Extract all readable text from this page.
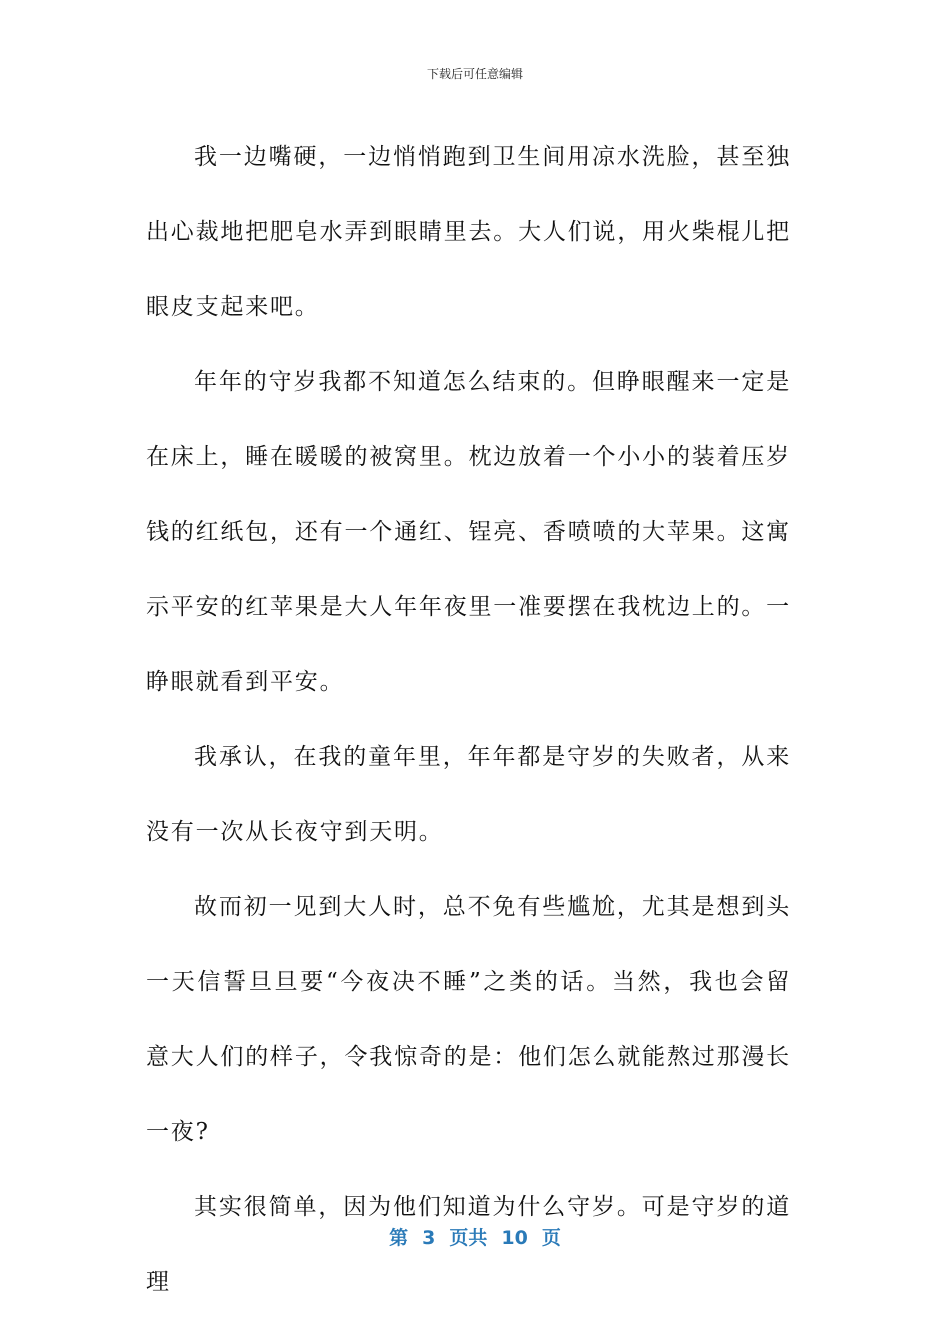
下载后可任意编辑

我一边嘴硬，一边悄悄跑到卫生间用凉水洗脸，甚至独出心裁地把肥皂水弄到眼睛里去。大人们说，用火柴棍儿把眼皮支起来吧。

年年的守岁我都不知道怎么结束的。但睁眼醒来一定是在床上，睡在暖暖的被窝里。枕边放着一个小小的装着压岁钱的红纸包，还有一个通红、锃亮、香喷喷的大苹果。这寓示平安的红苹果是大人年年夜里一准要摆在我枕边上的。一睁眼就看到平安。

我承认，在我的童年里，年年都是守岁的失败者，从来没有一次从长夜守到天明。

故而初一见到大人时，总不免有些尴尬，尤其是想到头一天信誓旦旦要“今夜决不睡”之类的话。当然，我也会留意大人们的样子，令我惊奇的是：他们怎么就能熬过那漫长一夜?

其实很简单，因为他们知道为什么守岁。可是守岁的道理

第 3 页共 10 页
